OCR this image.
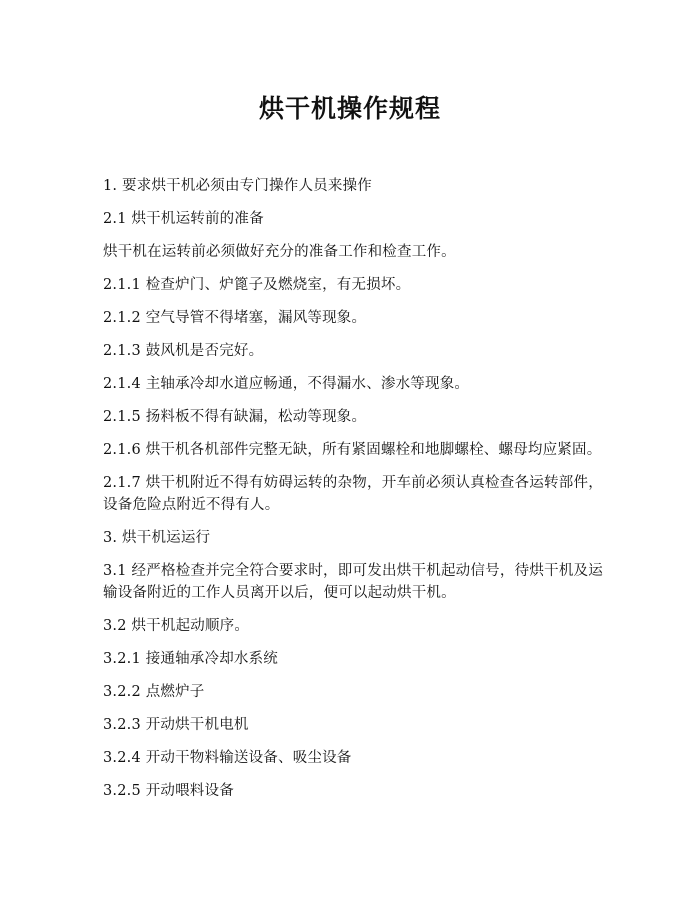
烘干机操作规程

1. 要求烘干机必须由专门操作人员来操作

2.1 烘干机运转前的准备

烘干机在运转前必须做好充分的准备工作和检查工作。

2.1.1 检查炉门、炉篦子及燃烧室，有无损坏。

2.1.2 空气导管不得堵塞，漏风等现象。

2.1.3 鼓风机是否完好。

2.1.4 主轴承冷却水道应畅通，不得漏水、渗水等现象。

2.1.5 扬料板不得有缺漏，松动等现象。

2.1.6 烘干机各机部件完整无缺，所有紧固螺栓和地脚螺栓、螺母均应紧固。

2.1.7 烘干机附近不得有妨碍运转的杂物，开车前必须认真检查各运转部件，设备危险点附近不得有人。

3. 烘干机运运行

3.1 经严格检查并完全符合要求时，即可发出烘干机起动信号，待烘干机及运输设备附近的工作人员离开以后，便可以起动烘干机。

3.2 烘干机起动顺序。

3.2.1 接通轴承冷却水系统

3.2.2 点燃炉子

3.2.3 开动烘干机电机

3.2.4 开动干物料输送设备、吸尘设备

3.2.5 开动喂料设备
